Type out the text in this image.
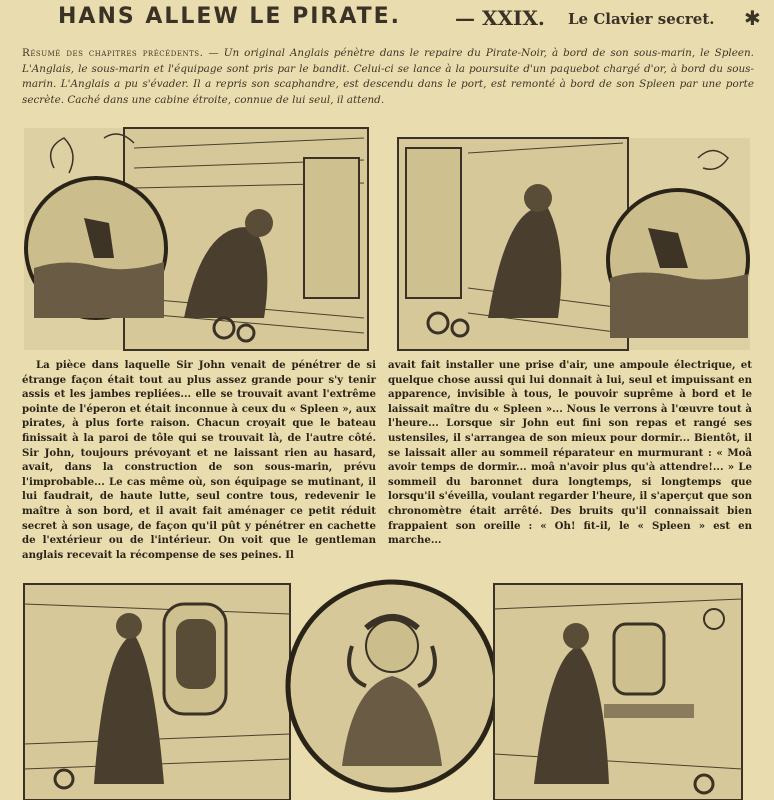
HANS ALLEW LE PIRATE.	— XXIX. Le Clavier secret. ✱
Résumé des chapitres précédents. — Un original Anglais pénètre dans le repaire du Pirate-Noir, à bord de son sous-marin, le Spleen. L'Anglais, le sous-marin et l'équipage sont pris par le bandit. Celui-ci se lance à la poursuite d'un paquebot chargé d'or, à bord du sous-marin. L'Anglais a pu s'évader. Il a repris son scaphandre, est descendu dans le port, est remonté à bord de son Spleen par une porte secrète. Caché dans une cabine étroite, connue de lui seul, il attend.

La pièce dans laquelle Sir John venait de pénétrer de si étrange façon était tout au plus assez grande pour s'y tenir assis et les jambes repliées... elle se trouvait avant l'extrême pointe de l'éperon et était inconnue à ceux du « Spleen », aux pirates, à plus forte raison. Chacun croyait que le bateau finissait à la paroi de tôle qui se trouvait là, de l'autre côté. Sir John, toujours prévoyant et ne laissant rien au hasard, avait, dans la construction de son sous-marin, prévu l'improbable... Le cas même où, son équipage se mutinant, il lui faudrait, de haute lutte, seul contre tous, redevenir le maître à son bord, et il avait fait aménager ce petit réduit secret à son usage, de façon qu'il pût y pénétrer en cachette de l'extérieur ou de l'intérieur. On voit que le gentleman anglais recevait la récompense de ses peines. Il

avait fait installer une prise d'air, une ampoule électrique, et quelque chose aussi qui lui donnait à lui, seul et impuissant en apparence, invisible à tous, le pouvoir suprême à bord et le laissait maître du « Spleen »... Nous le verrons à l'œuvre tout à l'heure... Lorsque sir John eut fini son repas et rangé ses ustensiles, il s'arrangea de son mieux pour dormir... Bientôt, il se laissait aller au sommeil réparateur en murmurant : « Moâ avoir temps de dormir... moâ n'avoir plus qu'à attendre!... » Le sommeil du baronnet dura longtemps, si longtemps que lorsqu'il s'éveilla, voulant regarder l'heure, il s'aperçut que son chronomètre était arrêté. Des bruits qu'il connaissait bien frappaient son oreille : « Oh! fit-il, le « Spleen » est en marche...
